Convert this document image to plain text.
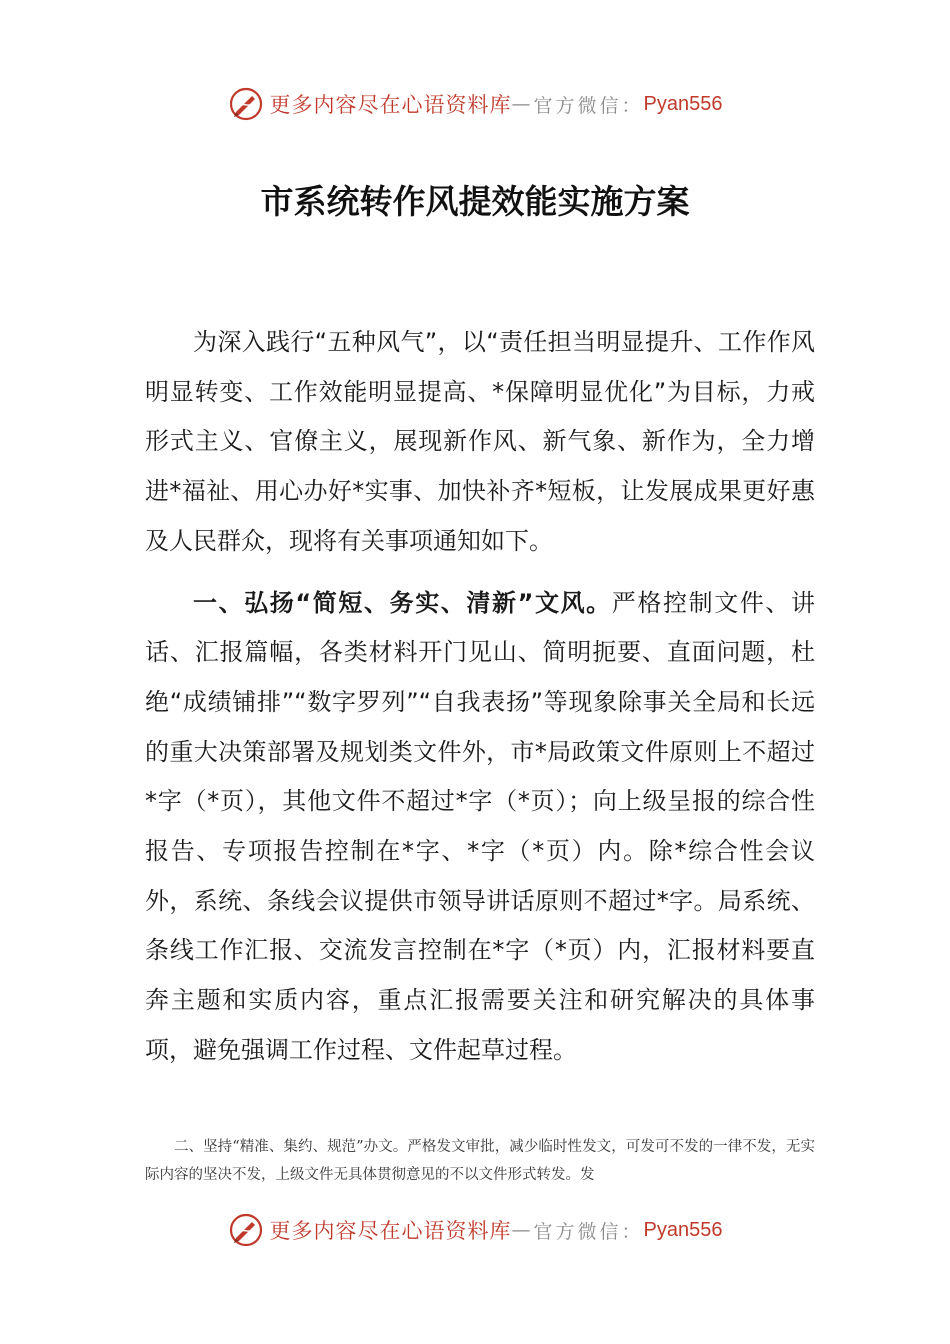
更多内容尽在心语资料库 — 官方微信： Pyan556
市系统转作风提效能实施方案

为深入践行“五种风气”，以“责任担当明显提升、工作作风明显转变、工作效能明显提高、*保障明显优化”为目标，力戒形式主义、官僚主义，展现新作风、新气象、新作为，全力增进*福祉、用心办好*实事、加快补齐*短板，让发展成果更好惠及人民群众，现将有关事项通知如下。

一、弘扬“简短、务实、清新”文风。严格控制文件、讲话、汇报篇幅，各类材料开门见山、简明扼要、直面问题，杜绝“成绩铺排”“数字罗列”“自我表扬”等现象除事关全局和长远的重大决策部署及规划类文件外，市*局政策文件原则上不超过*字（*页），其他文件不超过*字（*页）；向上级呈报的综合性报告、专项报告控制在*字、*字（*页）内。除*综合性会议外，系统、条线会议提供市领导讲话原则不超过*字。局系统、条线工作汇报、交流发言控制在*字（*页）内，汇报材料要直奔主题和实质内容，重点汇报需要关注和研究解决的具体事项，避免强调工作过程、文件起草过程。

二、坚持“精准、集约、规范”办文。严格发文审批，减少临时性发文，可发可不发的一律不发，无实际内容的坚决不发，上级文件无具体贯彻意见的不以文件形式转发。发

更多内容尽在心语资料库 — 官方微信： Pyan556
